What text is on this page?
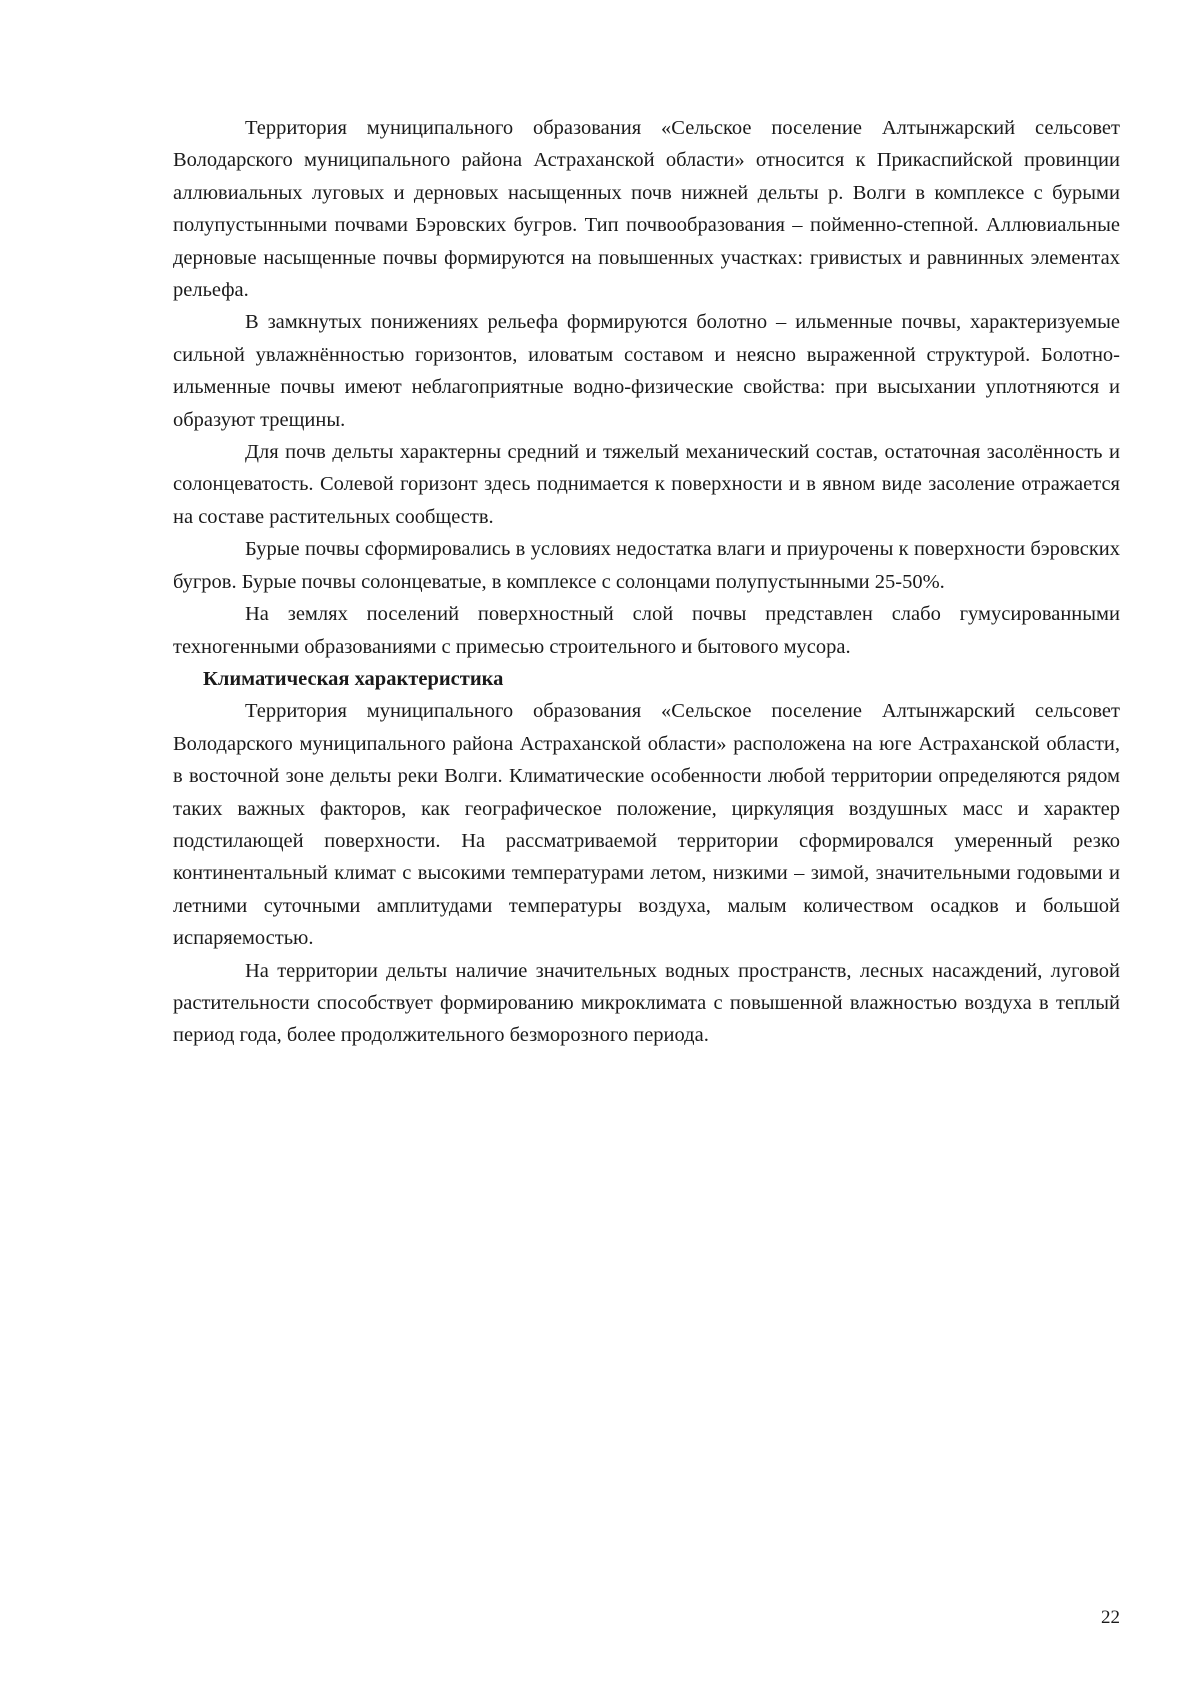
Территория муниципального образования «Сельское поселение Алтынжарский сельсовет Володарского муниципального района Астраханской области» относится к Прикаспийской провинции аллювиальных луговых и дерновых насыщенных почв нижней дельты р. Волги в комплексе с бурыми полупустынными почвами Бэровских бугров. Тип почвообразования – пойменно-степной. Аллювиальные дерновые насыщенные почвы формируются на повышенных участках: гривистых и равнинных элементах рельефа.

В замкнутых понижениях рельефа формируются болотно – ильменные почвы, характеризуемые сильной увлажнённостью горизонтов, иловатым составом и неясно выраженной структурой. Болотно-ильменные почвы имеют неблагоприятные водно-физические свойства: при высыхании уплотняются и образуют трещины.

Для почв дельты характерны средний и тяжелый механический состав, остаточная засолённость и солонцеватость. Солевой горизонт здесь поднимается к поверхности и в явном виде засоление отражается на составе растительных сообществ.

Бурые почвы сформировались в условиях недостатка влаги и приурочены к поверхности бэровских бугров. Бурые почвы солонцеватые, в комплексе с солонцами полупустынными 25-50%.

На землях поселений поверхностный слой почвы представлен слабо гумусированными техногенными образованиями с примесью строительного и бытового мусора.

Климатическая характеристика

Территория муниципального образования «Сельское поселение Алтынжарский сельсовет Володарского муниципального района Астраханской области» расположена на юге Астраханской области, в восточной зоне дельты реки Волги. Климатические особенности любой территории определяются рядом таких важных факторов, как географическое положение, циркуляция воздушных масс и характер подстилающей поверхности. На рассматриваемой территории сформировался умеренный резко континентальный климат с высокими температурами летом, низкими – зимой, значительными годовыми и летними суточными амплитудами температуры воздуха, малым количеством осадков и большой испаряемостью.

На территории дельты наличие значительных водных пространств, лесных насаждений, луговой растительности способствует формированию микроклимата с повышенной влажностью воздуха в теплый период года, более продолжительного безморозного периода.

22
